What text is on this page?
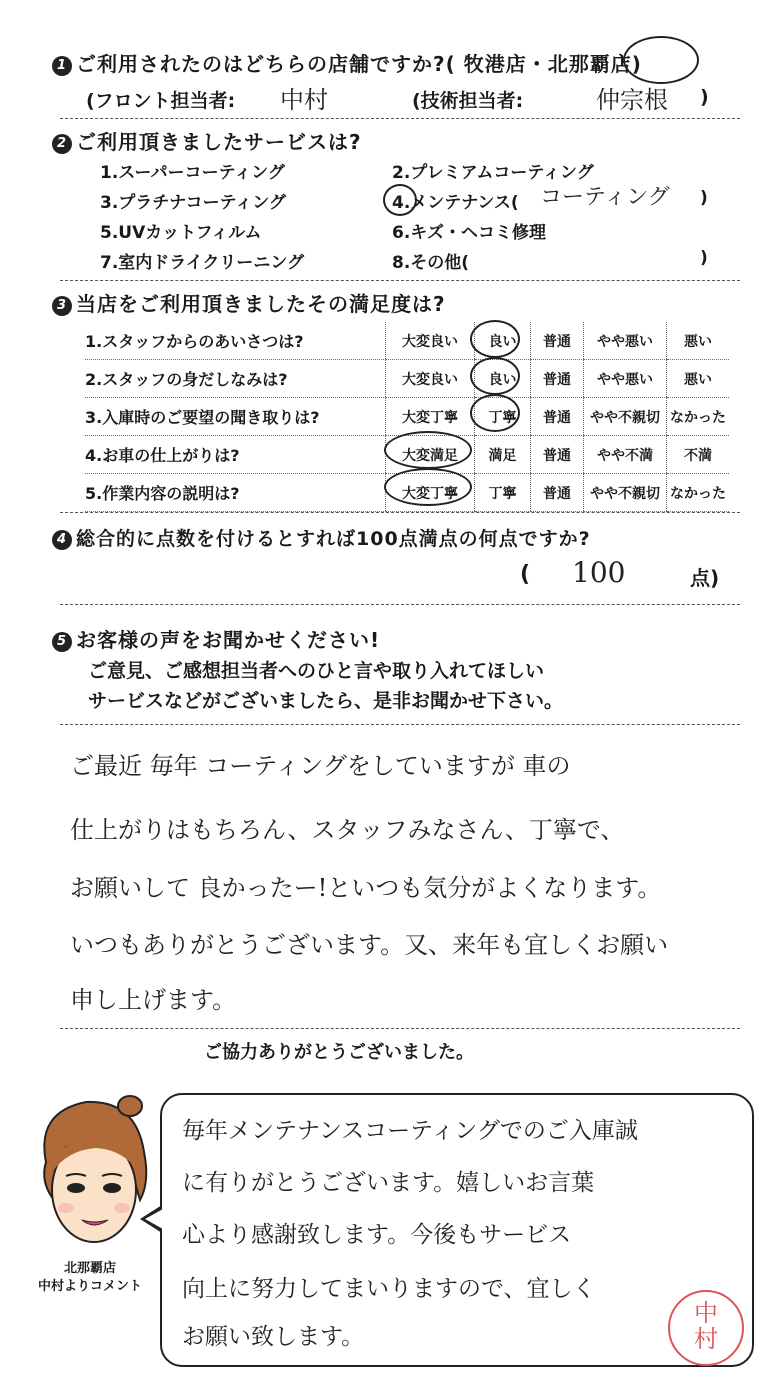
1 ご利用されたのはどちらの店舗ですか?( 牧港店・北那覇店)
(フロント担当者: 中村	(技術担当者:	仲宗根 )
2 ご利用頂きましたサービスは?
1.スーパーコーティング	2.プレミアムコーティング
3.プラチナコーティング	4.メンテナンス( コーティング )
5.UVカットフィルム	6.キズ・ヘコミ修理
7.室内ドライクリーニング	8.その他(	)
3 当店をご利用頂きましたその満足度は?
1.スタッフからのあいさつは?	大変良い	良い	普通	やや悪い	悪い
2.スタッフの身だしなみは?	大変良い	良い	普通	やや悪い	悪い
3.入庫時のご要望の聞き取りは?	大変丁寧	丁寧	普通	やや不親切	なかった
4.お車の仕上がりは?	大変満足	満足	普通	やや不満	不満
5.作業内容の説明は?	大変丁寧	丁寧	普通	やや不親切	なかった
4 総合的に点数を付けるとすれば100点満点の何点ですか?
( 100	点)
5 お客様の声をお聞かせください!
ご意見、ご感想担当者へのひと言や取り入れてほしい
サービスなどがございましたら、是非お聞かせ下さい。
ご最近 毎年 コーティングをしていますが 車の
仕上がりはもちろん、スタッフみなさん、丁寧で、
お願いして 良かったー!といつも気分がよくなります。
いつもありがとうございます。又、来年も宜しくお願い
申し上げます。
ご協力ありがとうございました。
北那覇店
中村よりコメント
毎年メンテナンスコーティングでのご入庫誠
に有りがとうございます。嬉しいお言葉
心より感謝致します。今後もサービス
向上に努力してまいりますので、宜しく
お願い致します。
中
村
